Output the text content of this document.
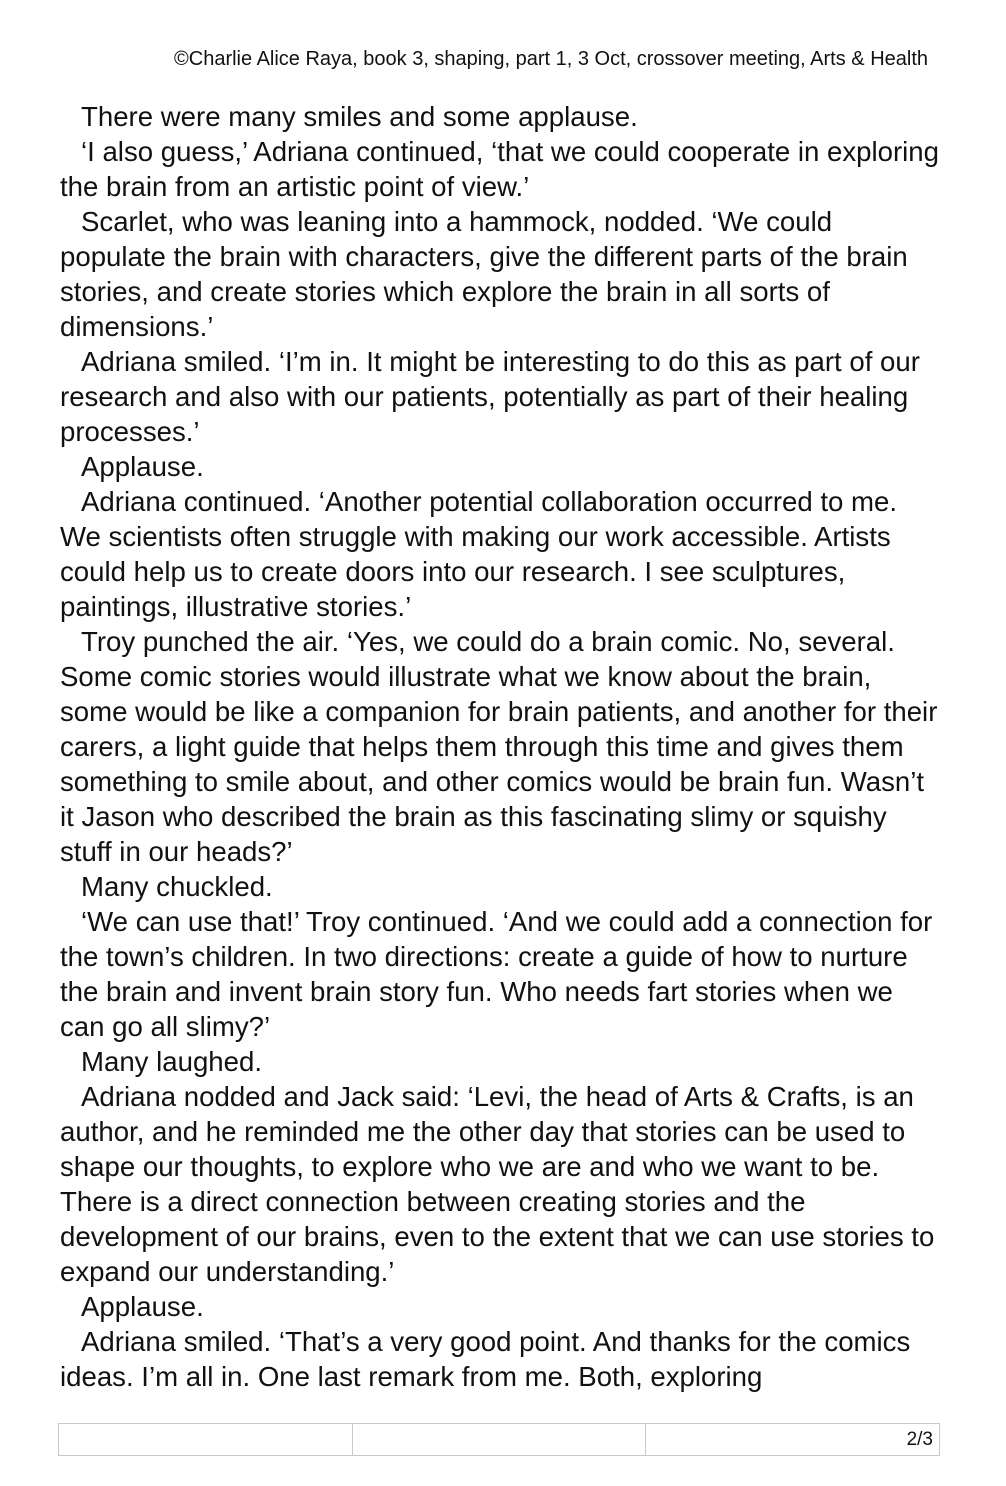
©Charlie Alice Raya, book 3, shaping, part 1, 3 Oct, crossover meeting, Arts & Health

There were many smiles and some applause.

‘I also guess,’ Adriana continued, ‘that we could cooperate in exploring the brain from an artistic point of view.’

Scarlet, who was leaning into a hammock, nodded. ‘We could populate the brain with characters, give the different parts of the brain stories, and create stories which explore the brain in all sorts of dimensions.’

Adriana smiled. ‘I’m in. It might be interesting to do this as part of our research and also with our patients, potentially as part of their healing processes.’

Applause.

Adriana continued. ‘Another potential collaboration occurred to me. We scientists often struggle with making our work accessible. Artists could help us to create doors into our research. I see sculptures, paintings, illustrative stories.’

Troy punched the air. ‘Yes, we could do a brain comic. No, several. Some comic stories would illustrate what we know about the brain, some would be like a companion for brain patients, and another for their carers, a light guide that helps them through this time and gives them something to smile about, and other comics would be brain fun. Wasn’t it Jason who described the brain as this fascinating slimy or squishy stuff in our heads?’

Many chuckled.

‘We can use that!’ Troy continued. ‘And we could add a connection for the town’s children. In two directions: create a guide of how to nurture the brain and invent brain story fun. Who needs fart stories when we can go all slimy?’

Many laughed.

Adriana nodded and Jack said: ‘Levi, the head of Arts & Crafts, is an author, and he reminded me the other day that stories can be used to shape our thoughts, to explore who we are and who we want to be. There is a direct connection between creating stories and the development of our brains, even to the extent that we can use stories to expand our understanding.’

Applause.

Adriana smiled. ‘That’s a very good point. And thanks for the comics ideas. I’m all in. One last remark from me. Both, exploring

		2/3
